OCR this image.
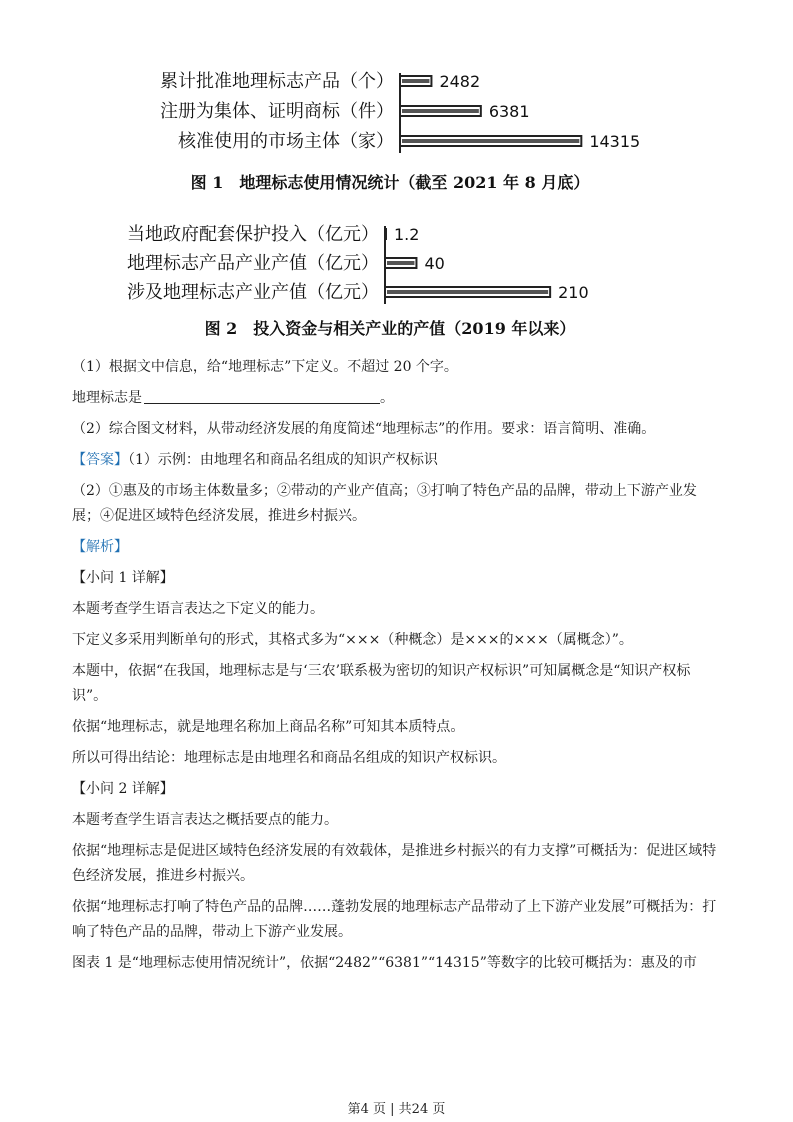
累计批准地理标志产品（个）	2482
注册为集体、证明商标（件）	6381
核准使用的市场主体（家）	14315
图 1　地理标志使用情况统计（截至 2021 年 8 月底）
当地政府配套保护投入（亿元） 1.2
地理标志产品产业产值（亿元）	40
涉及地理标志产业产值（亿元）	210
图 2　投入资金与相关产业的产值（2019 年以来）

（1）根据文中信息，给“地理标志”下定义。不超过 20 个字。

地理标志是	。

（2）综合图文材料，从带动经济发展的角度简述“地理标志”的作用。要求：语言简明、准确。

【答案】（1）示例：由地理名和商品名组成的知识产权标识

（2）①惠及的市场主体数量多；②带动的产业产值高；③打响了特色产品的品牌，带动上下游产业发展；④促进区域特色经济发展，推进乡村振兴。

【解析】

【小问 1 详解】

本题考查学生语言表达之下定义的能力。

下定义多采用判断单句的形式，其格式多为“×××（种概念）是×××的×××（属概念）”。

本题中，依据“在我国，地理标志是与‘三农’联系极为密切的知识产权标识”可知属概念是“知识产权标识”。

依据“地理标志，就是地理名称加上商品名称”可知其本质特点。

所以可得出结论：地理标志是由地理名和商品名组成的知识产权标识。

【小问 2 详解】

本题考查学生语言表达之概括要点的能力。

依据“地理标志是促进区域特色经济发展的有效载体，是推进乡村振兴的有力支撑”可概括为：促进区域特色经济发展，推进乡村振兴。

依据“地理标志打响了特色产品的品牌……蓬勃发展的地理标志产品带动了上下游产业发展”可概括为：打响了特色产品的品牌，带动上下游产业发展。

图表 1 是“地理标志使用情况统计”，依据“2482”“6381”“14315”等数字的比较可概括为：惠及的市

第4 页 | 共24 页
